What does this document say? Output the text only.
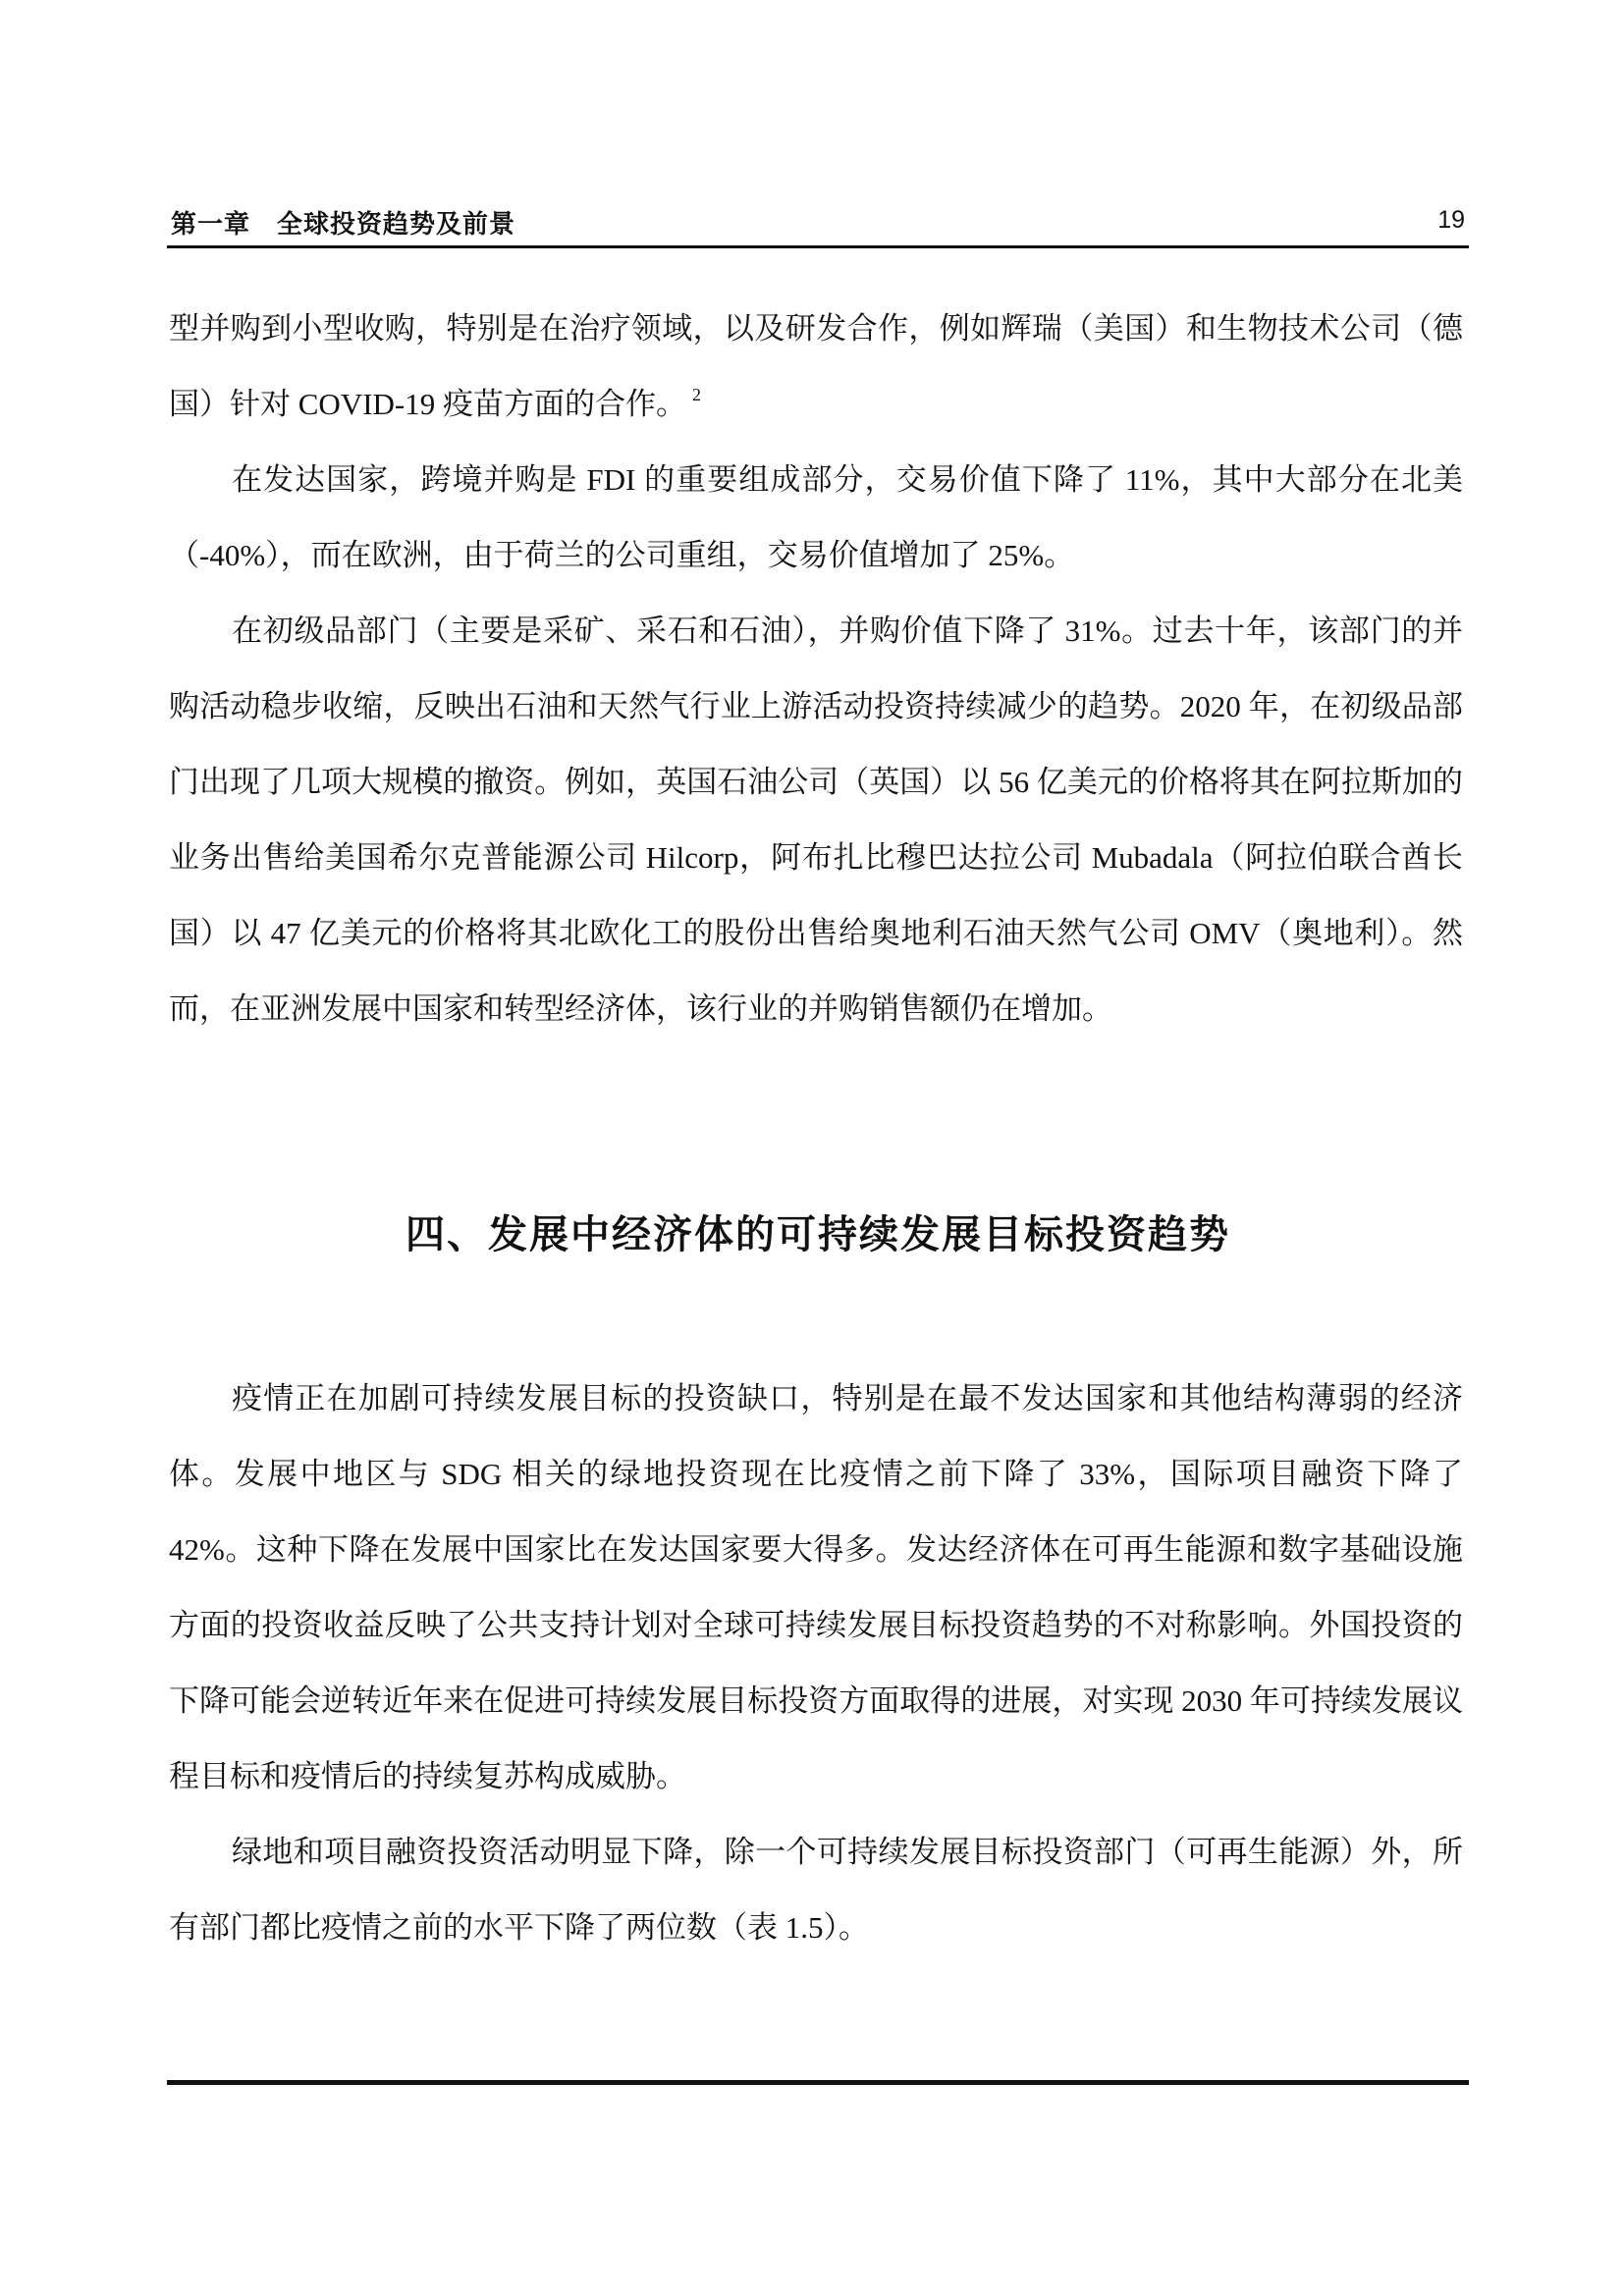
第一章　全球投资趋势及前景	19

型并购到小型收购，特别是在治疗领域，以及研发合作，例如辉瑞（美国）和生物技术公司（德国）针对 COVID-19 疫苗方面的合作。 $^2$

在发达国家，跨境并购是 FDI 的重要组成部分，交易价值下降了 11%，其中大部分在北美（-40%），而在欧洲，由于荷兰的公司重组，交易价值增加了 25%。

在初级品部门（主要是采矿、采石和石油），并购价值下降了 31%。过去十年，该部门的并购活动稳步收缩，反映出石油和天然气行业上游活动投资持续减少的趋势。2020 年，在初级品部门出现了几项大规模的撤资。例如，英国石油公司（英国）以 56 亿美元的价格将其在阿拉斯加的业务出售给美国希尔克普能源公司 Hilcorp，阿布扎比穆巴达拉公司 Mubadala（阿拉伯联合酋长国）以 47 亿美元的价格将其北欧化工的股份出售给奥地利石油天然气公司 OMV（奥地利）。然而，在亚洲发展中国家和转型经济体，该行业的并购销售额仍在增加。

四、发展中经济体的可持续发展目标投资趋势

疫情正在加剧可持续发展目标的投资缺口，特别是在最不发达国家和其他结构薄弱的经济体。发展中地区与 SDG 相关的绿地投资现在比疫情之前下降了 33%，国际项目融资下降了 42%。这种下降在发展中国家比在发达国家要大得多。发达经济体在可再生能源和数字基础设施方面的投资收益反映了公共支持计划对全球可持续发展目标投资趋势的不对称影响。外国投资的下降可能会逆转近年来在促进可持续发展目标投资方面取得的进展，对实现 2030 年可持续发展议程目标和疫情后的持续复苏构成威胁。

绿地和项目融资投资活动明显下降，除一个可持续发展目标投资部门（可再生能源）外，所有部门都比疫情之前的水平下降了两位数（表 1.5）。
